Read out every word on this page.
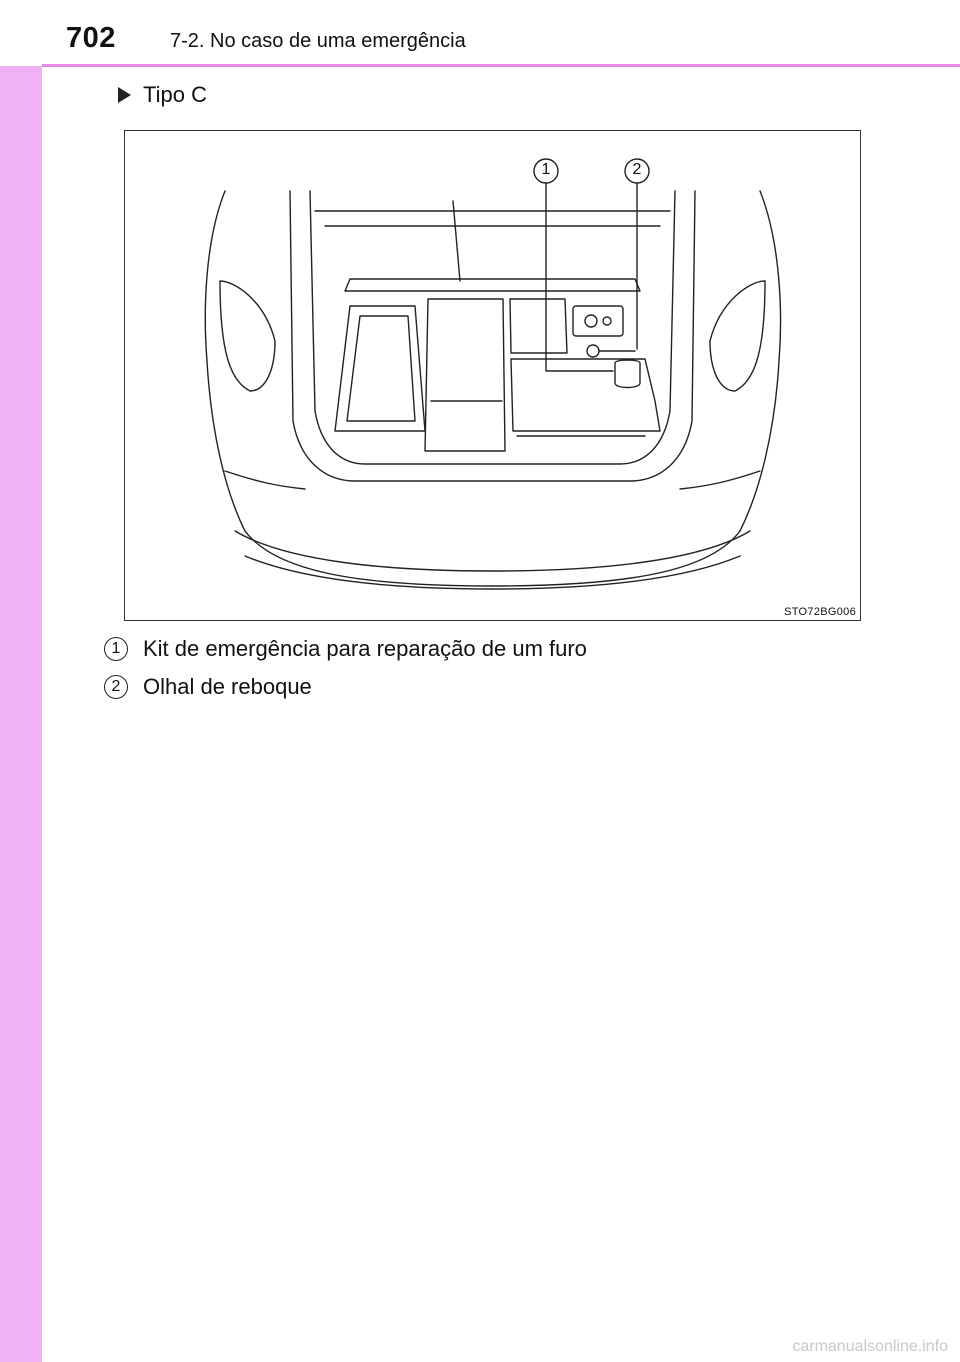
702	7-2. No caso de uma emergência
Tipo C
1	2
STO72BG006
1	Kit de emergência para reparação de um furo
2	Olhal de reboque
carmanualsonline.info
